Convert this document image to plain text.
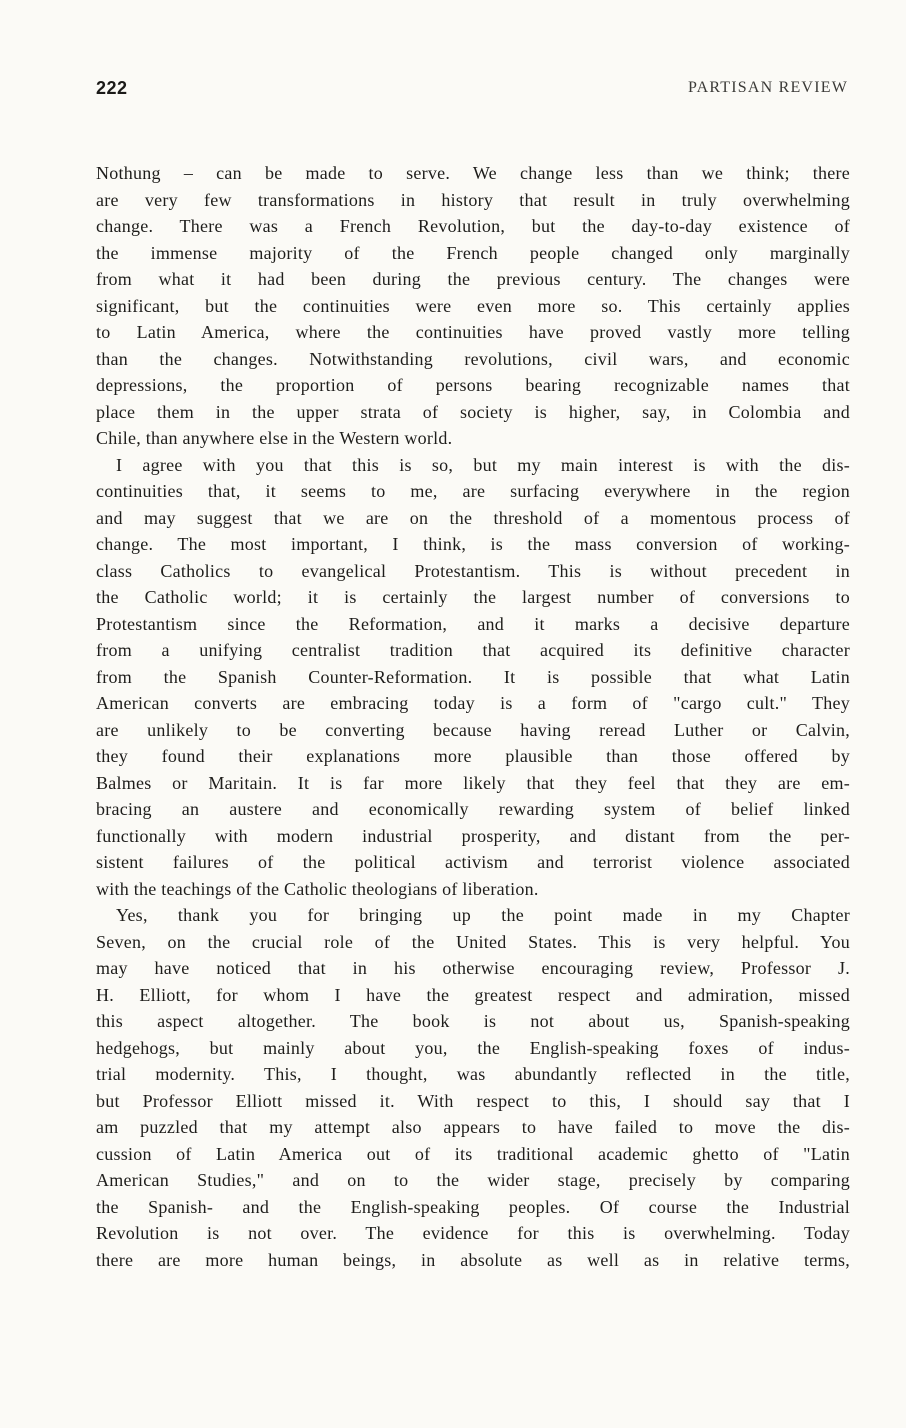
222	PARTISAN REVIEW
Nothung – can be made to serve. We change less than we think; there
are very few transformations in history that result in truly overwhelming
change. There was a French Revolution, but the day-to-day existence of
the immense majority of the French people changed only marginally
from what it had been during the previous century. The changes were
significant, but the continuities were even more so. This certainly applies
to Latin America, where the continuities have proved vastly more telling
than the changes. Notwithstanding revolutions, civil wars, and economic
depressions, the proportion of persons bearing recognizable names that
place them in the upper strata of society is higher, say, in Colombia and
Chile, than anywhere else in the Western world.
I agree with you that this is so, but my main interest is with the dis-
continuities that, it seems to me, are surfacing everywhere in the region
and may suggest that we are on the threshold of a momentous process of
change. The most important, I think, is the mass conversion of working-
class Catholics to evangelical Protestantism. This is without precedent in
the Catholic world; it is certainly the largest number of conversions to
Protestantism since the Reformation, and it marks a decisive departure
from a unifying centralist tradition that acquired its definitive character
from the Spanish Counter-Reformation. It is possible that what Latin
American converts are embracing today is a form of "cargo cult." They
are unlikely to be converting because having reread Luther or Calvin,
they found their explanations more plausible than those offered by
Balmes or Maritain. It is far more likely that they feel that they are em-
bracing an austere and economically rewarding system of belief linked
functionally with modern industrial prosperity, and distant from the per-
sistent failures of the political activism and terrorist violence associated
with the teachings of the Catholic theologians of liberation.
Yes, thank you for bringing up the point made in my Chapter
Seven, on the crucial role of the United States. This is very helpful. You
may have noticed that in his otherwise encouraging review, Professor J.
H. Elliott, for whom I have the greatest respect and admiration, missed
this aspect altogether. The book is not about us, Spanish-speaking
hedgehogs, but mainly about you, the English-speaking foxes of indus-
trial modernity. This, I thought, was abundantly reflected in the title,
but Professor Elliott missed it. With respect to this, I should say that I
am puzzled that my attempt also appears to have failed to move the dis-
cussion of Latin America out of its traditional academic ghetto of "Latin
American Studies," and on to the wider stage, precisely by comparing
the Spanish- and the English-speaking peoples. Of course the Industrial
Revolution is not over. The evidence for this is overwhelming. Today
there are more human beings, in absolute as well as in relative terms,
